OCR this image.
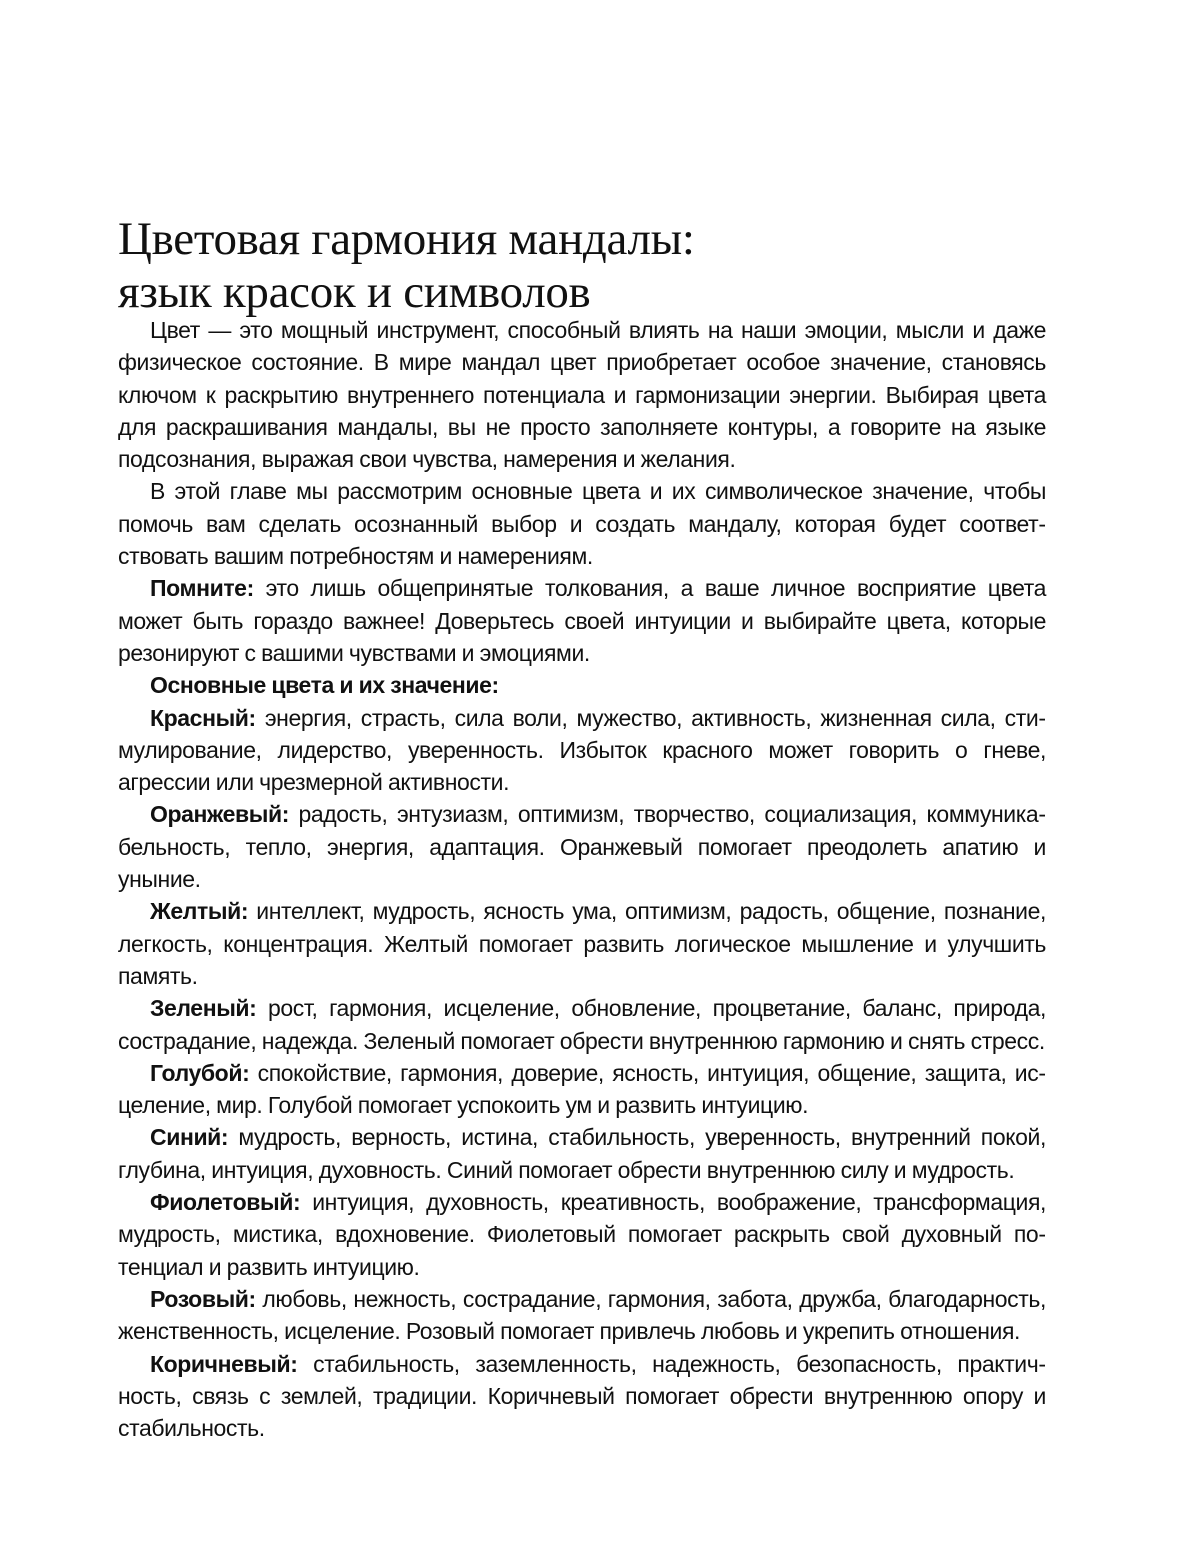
Цветовая гармония мандалы:
язык красок и символов

Цвет — это мощный инструмент, способный влиять на наши эмоции, мысли и даже физическое состояние. В мире мандал цвет приобретает особое значение, становясь ключом к раскрытию внутреннего потенциала и гармонизации энергии. Выбирая цвета для раскрашивания мандалы, вы не просто заполняете контуры, а говорите на языке подсознания, выражая свои чувства, намерения и желания.

В этой главе мы рассмотрим основные цвета и их символическое значение, чтобы помочь вам сделать осознанный выбор и создать мандалу, которая будет соответствовать вашим потребностям и намерениям.

Помните: это лишь общепринятые толкования, а ваше личное восприятие цвета может быть гораздо важнее! Доверьтесь своей интуиции и выбирайте цвета, которые резонируют с вашими чувствами и эмоциями.

Основные цвета и их значение:

Красный: энергия, страсть, сила воли, мужество, активность, жизненная сила, стимулирование, лидерство, уверенность. Избыток красного может говорить о гневе, агрессии или чрезмерной активности.

Оранжевый: радость, энтузиазм, оптимизм, творчество, социализация, коммуникабельность, тепло, энергия, адаптация. Оранжевый помогает преодолеть апатию и уныние.

Желтый: интеллект, мудрость, ясность ума, оптимизм, радость, общение, познание, легкость, концентрация. Желтый помогает развить логическое мышление и улучшить память.

Зеленый: рост, гармония, исцеление, обновление, процветание, баланс, природа, сострадание, надежда. Зеленый помогает обрести внутреннюю гармонию и снять стресс.

Голубой: спокойствие, гармония, доверие, ясность, интуиция, общение, защита, исцеление, мир. Голубой помогает успокоить ум и развить интуицию.

Синий: мудрость, верность, истина, стабильность, уверенность, внутренний покой, глубина, интуиция, духовность. Синий помогает обрести внутреннюю силу и мудрость.

Фиолетовый: интуиция, духовность, креативность, воображение, трансформация, мудрость, мистика, вдохновение. Фиолетовый помогает раскрыть свой духовный потенциал и развить интуицию.

Розовый: любовь, нежность, сострадание, гармония, забота, дружба, благодарность, женственность, исцеление. Розовый помогает привлечь любовь и укрепить отношения.

Коричневый: стабильность, заземленность, надежность, безопасность, практичность, связь с землей, традиции. Коричневый помогает обрести внутреннюю опору и стабильность.
